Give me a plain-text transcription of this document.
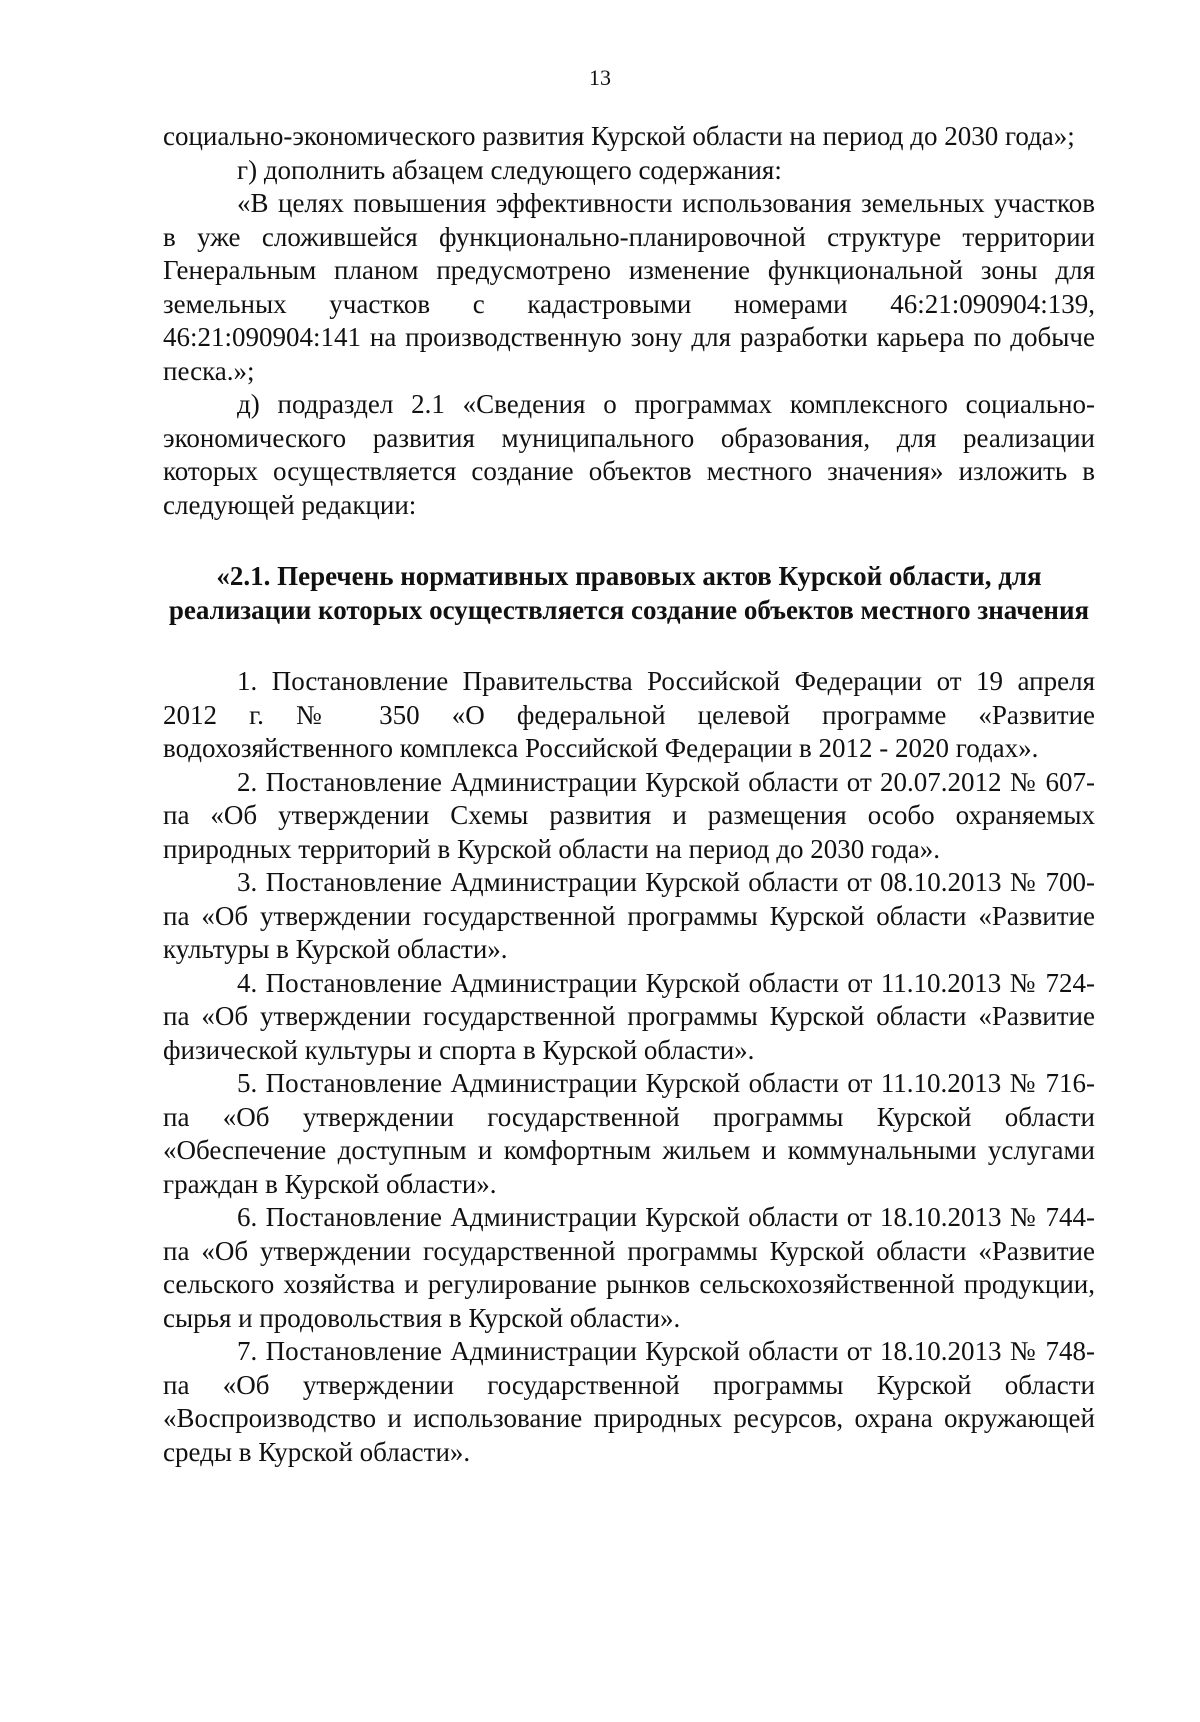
13

социально-экономического развития Курской области на период до 2030 года»;

г) дополнить абзацем следующего содержания:

«В целях повышения эффективности использования земельных участков в уже сложившейся функционально-планировочной структуре территории Генеральным планом предусмотрено изменение функциональной зоны для земельных участков с кадастровыми номерами 46:21:090904:139, 46:21:090904:141 на производственную зону для разработки карьера по добыче песка.»;

д) подраздел 2.1 «Сведения о программах комплексного социально-экономического развития муниципального образования, для реализации которых осуществляется создание объектов местного значения» изложить в следующей редакции:

«2.1. Перечень нормативных правовых актов Курской области, для реализации которых осуществляется создание объектов местного значения

1. Постановление Правительства Российской Федерации от 19 апреля 2012 г. № 350 «О федеральной целевой программе «Развитие водохозяйственного комплекса Российской Федерации в 2012 - 2020 годах».

2. Постановление Администрации Курской области от 20.07.2012 № 607-па «Об утверждении Схемы развития и размещения особо охраняемых природных территорий в Курской области на период до 2030 года».

3. Постановление Администрации Курской области от 08.10.2013 № 700-па «Об утверждении государственной программы Курской области «Развитие культуры в Курской области».

4. Постановление Администрации Курской области от 11.10.2013 № 724-па «Об утверждении государственной программы Курской области «Развитие физической культуры и спорта в Курской области».

5. Постановление Администрации Курской области от 11.10.2013 № 716-па «Об утверждении государственной программы Курской области «Обеспечение доступным и комфортным жильем и коммунальными услугами граждан в Курской области».

6. Постановление Администрации Курской области от 18.10.2013 № 744-па «Об утверждении государственной программы Курской области «Развитие сельского хозяйства и регулирование рынков сельскохозяйственной продукции, сырья и продовольствия в Курской области».

7. Постановление Администрации Курской области от 18.10.2013 № 748-па «Об утверждении государственной программы Курской области «Воспроизводство и использование природных ресурсов, охрана окружающей среды в Курской области».
